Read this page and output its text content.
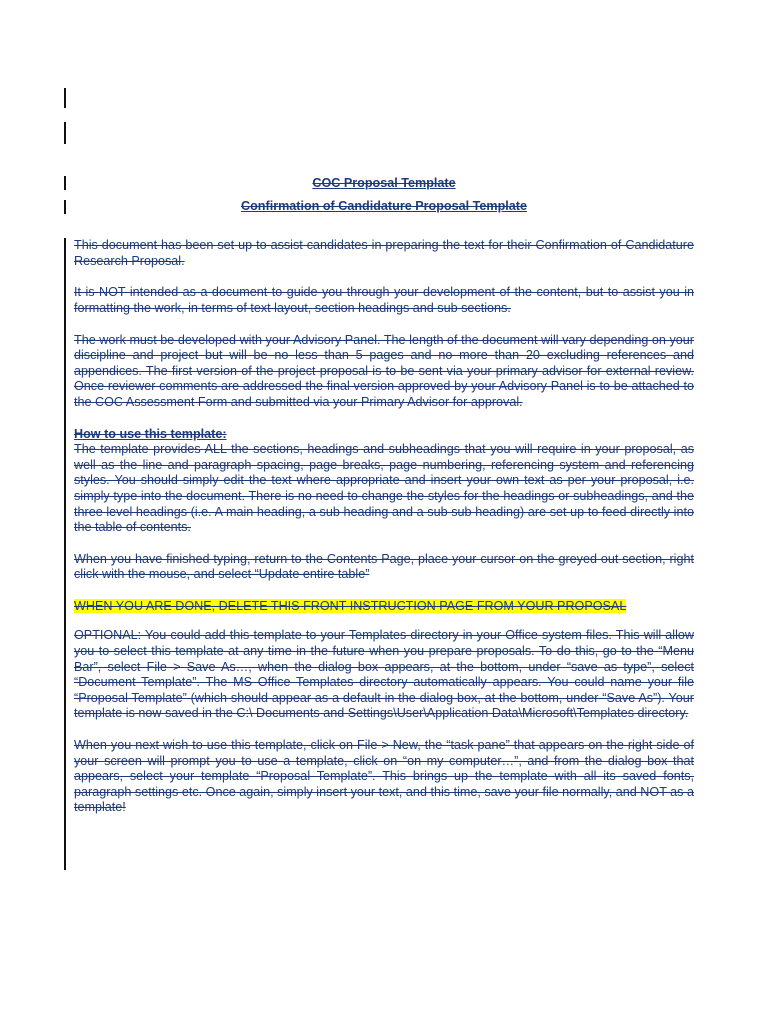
COC Proposal Template
Confirmation of Candidature Proposal Template

This document has been set up to assist candidates in preparing the text for their Confirmation of Candidature Research Proposal.

It is NOT intended as a document to guide you through your development of the content, but to assist you in formatting the work, in terms of text layout, section headings and sub sections.

The work must be developed with your Advisory Panel. The length of the document will vary depending on your discipline and project but will be no less than 5 pages and no more than 20 excluding references and appendices. The first version of the project proposal is to be sent via your primary advisor for external review. Once reviewer comments are addressed the final version approved by your Advisory Panel is to be attached to the COC Assessment Form and submitted via your Primary Advisor for approval.

How to use this template:
The template provides ALL the sections, headings and subheadings that you will require in your proposal, as well as the line and paragraph spacing, page breaks, page numbering, referencing system and referencing styles. You should simply edit the text where appropriate and insert your own text as per your proposal, i.e. simply type into the document. There is no need to change the styles for the headings or subheadings, and the three level headings (i.e. A main heading, a sub heading and a sub sub heading) are set up to feed directly into the table of contents.

When you have finished typing, return to the Contents Page, place your cursor on the greyed out section, right click with the mouse, and select “Update entire table”

WHEN YOU ARE DONE, DELETE THIS FRONT INSTRUCTION PAGE FROM YOUR PROPOSAL

OPTIONAL: You could add this template to your Templates directory in your Office system files. This will allow you to select this template at any time in the future when you prepare proposals. To do this, go to the “Menu Bar”, select File > Save As…, when the dialog box appears, at the bottom, under “save as type”, select “Document Template”. The MS Office Templates directory automatically appears. You could name your file “Proposal Template” (which should appear as a default in the dialog box, at the bottom, under “Save As”). Your template is now saved in the C:\ Documents and Settings\User\Application Data\Microsoft\Templates directory.

When you next wish to use this template, click on File > New, the “task pane” that appears on the right side of your screen will prompt you to use a template, click on “on my computer…”, and from the dialog box that appears, select your template “Proposal Template”. This brings up the template with all its saved fonts, paragraph settings etc. Once again, simply insert your text, and this time, save your file normally, and NOT as a template!
